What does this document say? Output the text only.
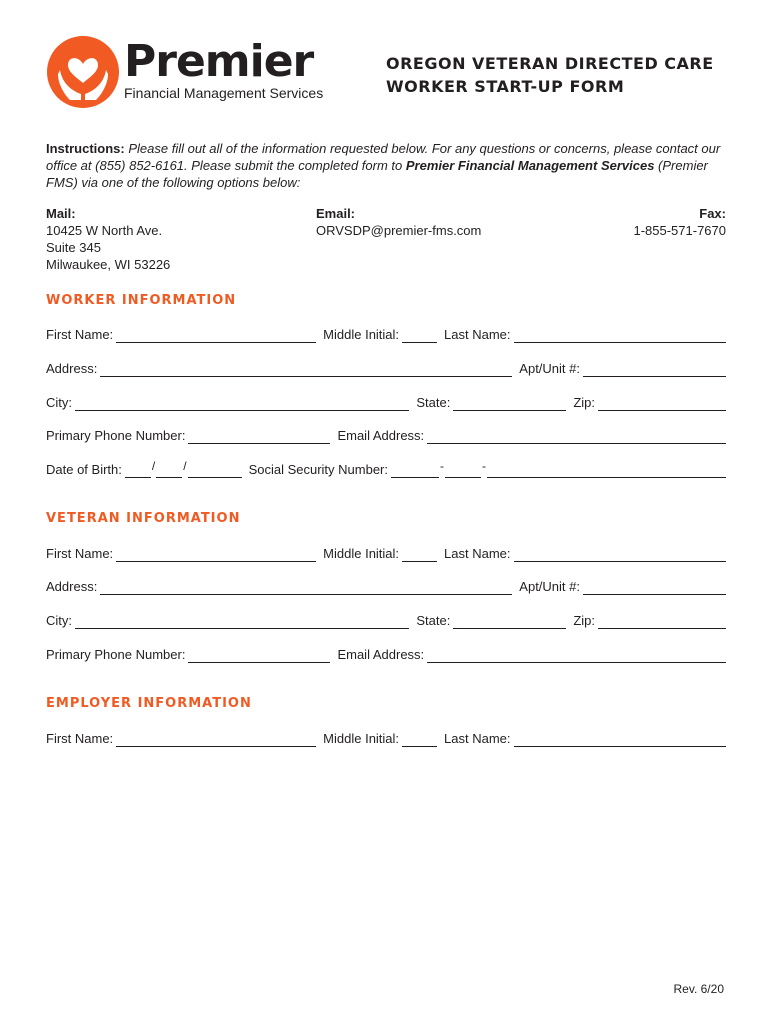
Premier
Financial Management Services
OREGON VETERAN DIRECTED CARE
WORKER START-UP FORM
Instructions: Please fill out all of the information requested below. For any questions or concerns, please contact our office at (855) 852-6161. Please submit the completed form to Premier Financial Management Services (Premier FMS) via one of the following options below:
Mail:
10425 W North Ave.
Suite 345
Milwaukee, WI 53226
Email:
ORVSDP@premier-fms.com
Fax:
1-855-571-7670
WORKER INFORMATION
First Name:	Middle Initial:	Last Name:
Address:	Apt/Unit #:
City:	State:	Zip:
Primary Phone Number:	Email Address:
Date of Birth:	/ /	Social Security Number:	-	-
VETERAN INFORMATION
First Name:	Middle Initial:	Last Name:
Address:	Apt/Unit #:
City:	State:	Zip:
Primary Phone Number:	Email Address:
EMPLOYER INFORMATION
First Name:	Middle Initial:	Last Name:
Rev. 6/20
